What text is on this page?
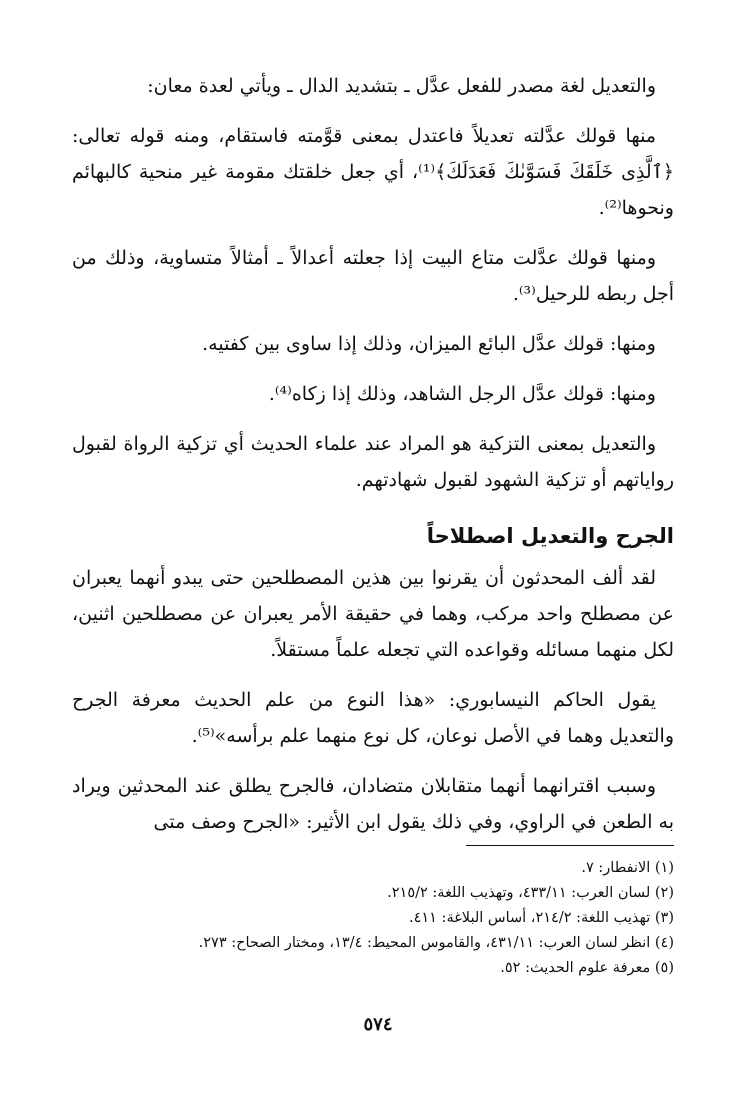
والتعديل لغة مصدر للفعل عدَّل ـ بتشديد الدال ـ ويأتي لعدة معان:

منها قولك عدَّلته تعديلاً فاعتدل بمعنى قوَّمته فاستقام، ومنه قوله تعالى: ﴿ٱلَّذِى خَلَقَكَ فَسَوَّىٰكَ فَعَدَلَكَ﴾⁽¹⁾، أي جعل خلقتك مقومة غير منحية كالبهائم ونحوها⁽²⁾.

ومنها قولك عدَّلت متاع البيت إذا جعلته أعدالاً ـ أمثالاً متساوية، وذلك من أجل ربطه للرحيل⁽³⁾.

ومنها: قولك عدَّل البائع الميزان، وذلك إذا ساوى بين كفتيه.

ومنها: قولك عدَّل الرجل الشاهد، وذلك إذا زكاه⁽⁴⁾.

والتعديل بمعنى التزكية هو المراد عند علماء الحديث أي تزكية الرواة لقبول رواياتهم أو تزكية الشهود لقبول شهادتهم.

الجرح والتعديل اصطلاحاً

لقد ألف المحدثون أن يقرنوا بين هذين المصطلحين حتى يبدو أنهما يعبران عن مصطلح واحد مركب، وهما في حقيقة الأمر يعبران عن مصطلحين اثنين، لكل منهما مسائله وقواعده التي تجعله علماً مستقلاً.

يقول الحاكم النيسابوري: «هذا النوع من علم الحديث معرفة الجرح والتعديل وهما في الأصل نوعان، كل نوع منهما علم برأسه»⁽⁵⁾.

وسبب اقترانهما أنهما متقابلان متضادان، فالجرح يطلق عند المحدثين ويراد به الطعن في الراوي، وفي ذلك يقول ابن الأثير: «الجرح وصف متى

(١) الانفطار: ٧.
(٢) لسان العرب: ٤٣٣/١١، وتهذيب اللغة: ٢١٥/٢.
(٣) تهذيب اللغة: ٢١٤/٢، أساس البلاغة: ٤١١.
(٤) انظر لسان العرب: ٤٣١/١١، والقاموس المحيط: ١٣/٤، ومختار الصحاح: ٢٧٣.
(٥) معرفة علوم الحديث: ٥٢.
٥٧٤
